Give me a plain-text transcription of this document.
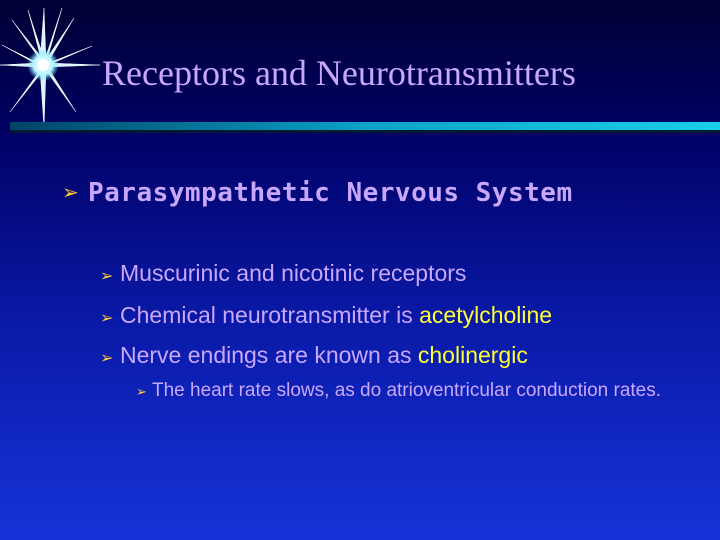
Receptors and Neurotransmitters
➢ Parasympathetic Nervous System
➢ Muscurinic and nicotinic receptors
➢ Chemical neurotransmitter is acetylcholine
➢ Nerve endings are known as cholinergic
➢ The heart rate slows, as do atrioventricular conduction rates.
